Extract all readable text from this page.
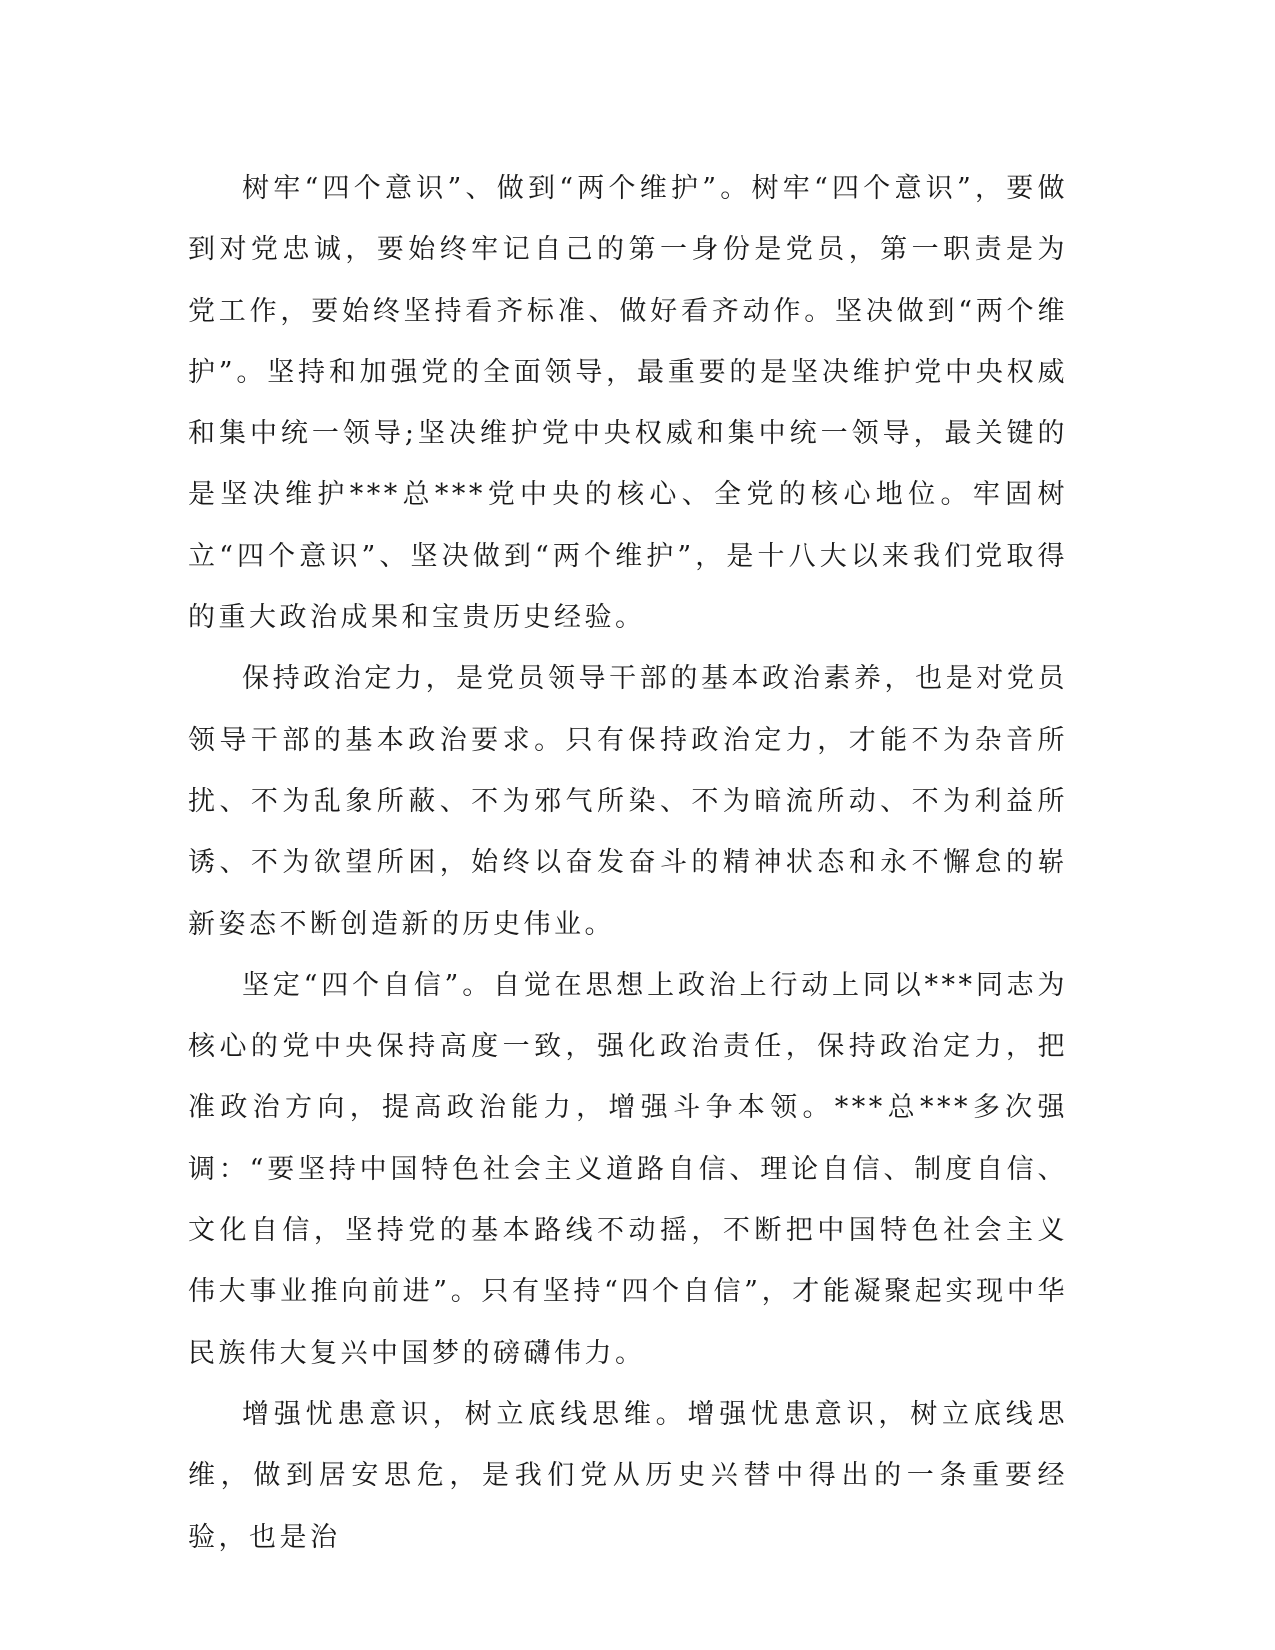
树牢“四个意识”、做到“两个维护”。树牢“四个意识”，要做到对党忠诚，要始终牢记自己的第一身份是党员，第一职责是为党工作，要始终坚持看齐标准、做好看齐动作。坚决做到“两个维护”。坚持和加强党的全面领导，最重要的是坚决维护党中央权威和集中统一领导;坚决维护党中央权威和集中统一领导，最关键的是坚决维护***总***党中央的核心、全党的核心地位。牢固树立“四个意识”、坚决做到“两个维护”，是十八大以来我们党取得的重大政治成果和宝贵历史经验。

保持政治定力，是党员领导干部的基本政治素养，也是对党员领导干部的基本政治要求。只有保持政治定力，才能不为杂音所扰、不为乱象所蔽、不为邪气所染、不为暗流所动、不为利益所诱、不为欲望所困，始终以奋发奋斗的精神状态和永不懈怠的崭新姿态不断创造新的历史伟业。

坚定“四个自信”。自觉在思想上政治上行动上同以***同志为核心的党中央保持高度一致，强化政治责任，保持政治定力，把准政治方向，提高政治能力，增强斗争本领。***总***多次强调：“要坚持中国特色社会主义道路自信、理论自信、制度自信、文化自信，坚持党的基本路线不动摇，不断把中国特色社会主义伟大事业推向前进”。只有坚持“四个自信”，才能凝聚起实现中华民族伟大复兴中国梦的磅礴伟力。

增强忧患意识，树立底线思维。增强忧患意识，树立底线思维，做到居安思危，是我们党从历史兴替中得出的一条重要经验，也是治
